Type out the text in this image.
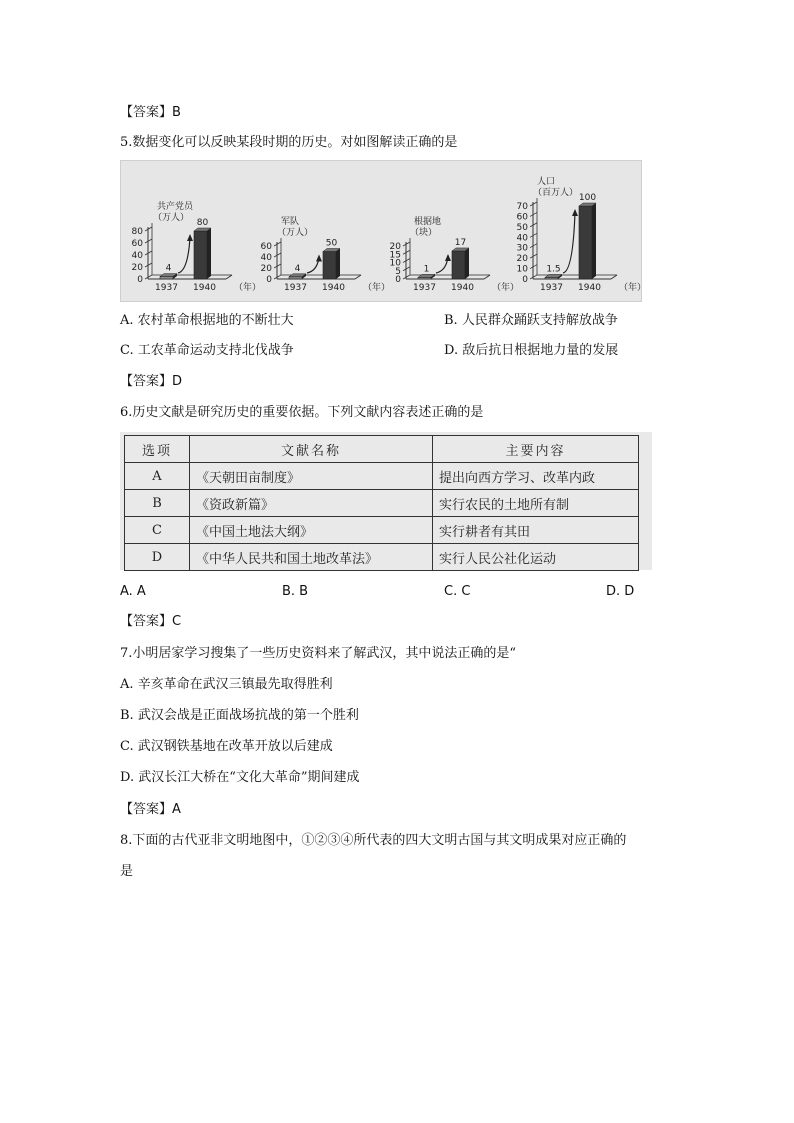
【答案】B
5.数据变化可以反映某段时期的历史。对如图解读正确的是
共产党员
（万人）
0
20
40
60
80
4
1937
80
1940 （年）
军队
（万人）
0
20
40
60
4
1937
50
1940 （年）
根据地
（块）
0
5
10
15
20
1
1937
17
1940 （年）
人口
（百万人）
0
10
20
30
40
50
60
70
1.5
1937
100
1940 （年）
A. 农村革命根据地的不断壮大	B. 人民群众踊跃支持解放战争
C. 工农革命运动支持北伐战争	D. 敌后抗日根据地力量的发展
【答案】D
6.历史文献是研究历史的重要依据。下列文献内容表述正确的是
选项	文献名称	主要内容
A	《天朝田亩制度》	提出向西方学习、改革内政
B	《资政新篇》	实行农民的土地所有制
C	《中国土地法大纲》	实行耕者有其田
D	《中华人民共和国土地改革法》	实行人民公社化运动
A. A	B. B	C. C	D. D
【答案】C
7.小明居家学习搜集了一些历史资料来了解武汉，其中说法正确的是“
A. 辛亥革命在武汉三镇最先取得胜利
B. 武汉会战是正面战场抗战的第一个胜利
C. 武汉钢铁基地在改革开放以后建成
D. 武汉长江大桥在“文化大革命”期间建成
【答案】A
8.下面的古代亚非文明地图中，①②③④所代表的四大文明古国与其文明成果对应正确的
是
